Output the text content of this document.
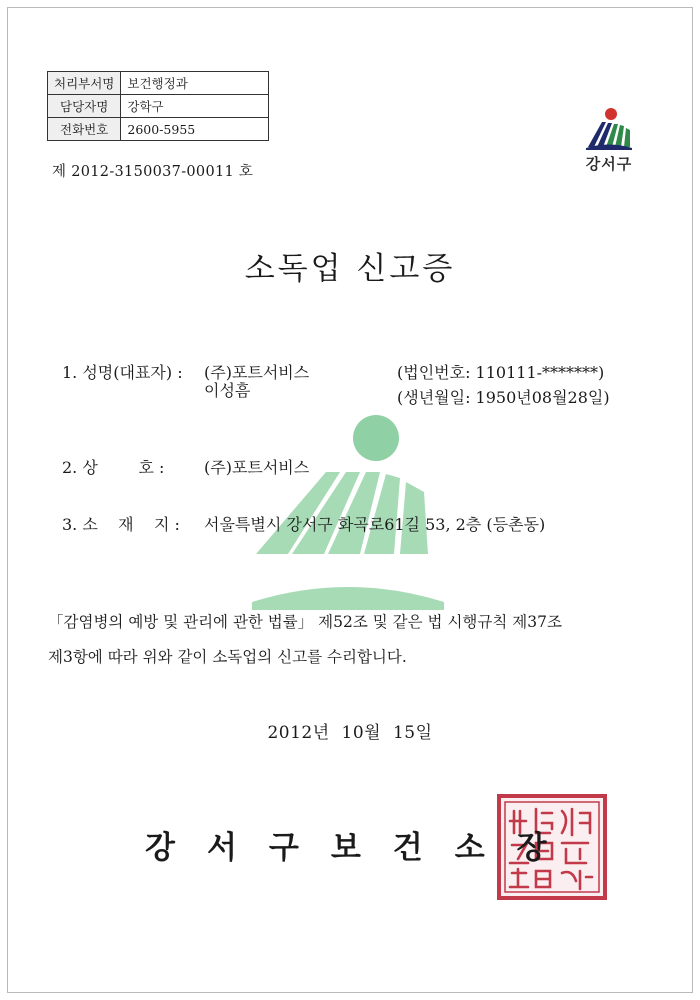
처리부서명	보건행정과
담당자명	강학구
전화번호	2600-5955
제 2012-3150037-00011 호	강서구
소독업 신고증
1. 성명(대표자) : (주)포트서비스
이성흠
(법인번호: 110111-*******)
(생년월일: 1950년08월28일)
2. 상        호 : (주)포트서비스
3. 소    재    지 : 서울특별시 강서구 화곡로61길 53, 2층 (등촌동)
「감염병의 예방 및 관리에 관한 법률」 제52조 및 같은 법 시행규칙 제37조
제3항에 따라 위와 같이 소독업의 신고를 수리합니다.
2012년 10월 15일
강서구보건소장
